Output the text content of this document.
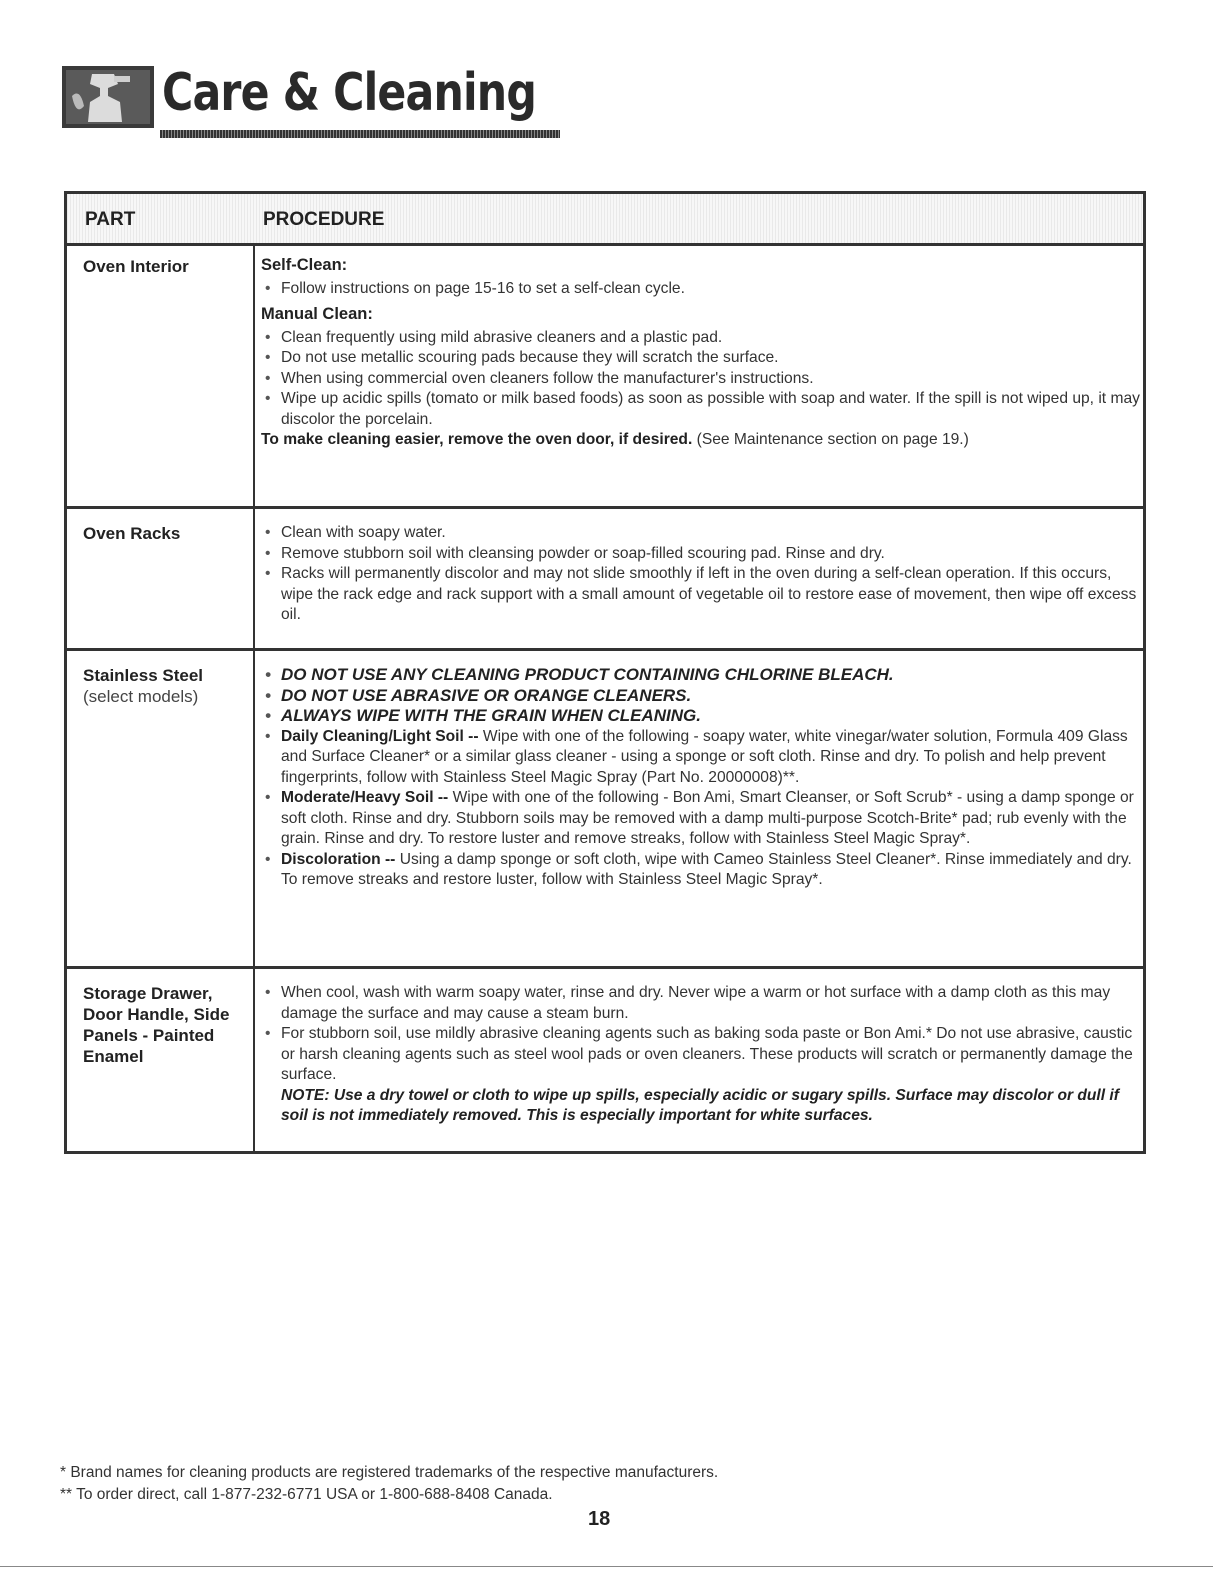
Care & Cleaning
PART	PROCEDURE
Oven Interior	Self-Clean:
• Follow instructions on page 15-16 to set a self-clean cycle.
Manual Clean:
• Clean frequently using mild abrasive cleaners and a plastic pad.
• Do not use metallic scouring pads because they will scratch the surface.
• When using commercial oven cleaners follow the manufacturer's instructions.
• Wipe up acidic spills (tomato or milk based foods) as soon as possible with soap and water. If the spill is not wiped up, it may discolor the porcelain.
To make cleaning easier, remove the oven door, if desired. (See Maintenance section on page 19.)
Oven Racks
•	Clean with soapy water.
• Remove stubborn soil with cleansing powder or soap-filled scouring pad. Rinse and dry.
• Racks will permanently discolor and may not slide smoothly if left in the oven during a self-clean operation. If this occurs, wipe the rack edge and rack support with a small amount of vegetable oil to restore ease of movement, then wipe off excess oil.
Stainless Steel
(select models)
• DO NOT USE ANY CLEANING PRODUCT CONTAINING CHLORINE BLEACH.
• DO NOT USE ABRASIVE OR ORANGE CLEANERS.
• ALWAYS WIPE WITH THE GRAIN WHEN CLEANING.
• Daily Cleaning/Light Soil -- Wipe with one of the following - soapy water, white vinegar/water solution, Formula 409 Glass and Surface Cleaner* or a similar glass cleaner - using a sponge or soft cloth. Rinse and dry. To polish and help prevent fingerprints, follow with Stainless Steel Magic Spray (Part No. 20000008)**.
• Moderate/Heavy Soil -- Wipe with one of the following - Bon Ami, Smart Cleanser, or Soft Scrub* - using a damp sponge or soft cloth. Rinse and dry. Stubborn soils may be removed with a damp multi-purpose Scotch-Brite* pad; rub evenly with the grain. Rinse and dry. To restore luster and remove streaks, follow with Stainless Steel Magic Spray*.
• Discoloration -- Using a damp sponge or soft cloth, wipe with Cameo Stainless Steel Cleaner*. Rinse immediately and dry. To remove streaks and restore luster, follow with Stainless Steel Magic Spray*.
Storage Drawer, Door Handle, Side Panels - Painted Enamel
• When cool, wash with warm soapy water, rinse and dry. Never wipe a warm or hot surface with a damp cloth as this may damage the surface and may cause a steam burn.
• For stubborn soil, use mildly abrasive cleaning agents such as baking soda paste or Bon Ami.* Do not use abrasive, caustic or harsh cleaning agents such as steel wool pads or oven cleaners. These products will scratch or permanently damage the surface.
NOTE: Use a dry towel or cloth to wipe up spills, especially acidic or sugary spills. Surface may discolor or dull if soil is not immediately removed. This is especially important for white surfaces.
* Brand names for cleaning products are registered trademarks of the respective manufacturers.
** To order direct, call 1-877-232-6771 USA or 1-800-688-8408 Canada.
18
